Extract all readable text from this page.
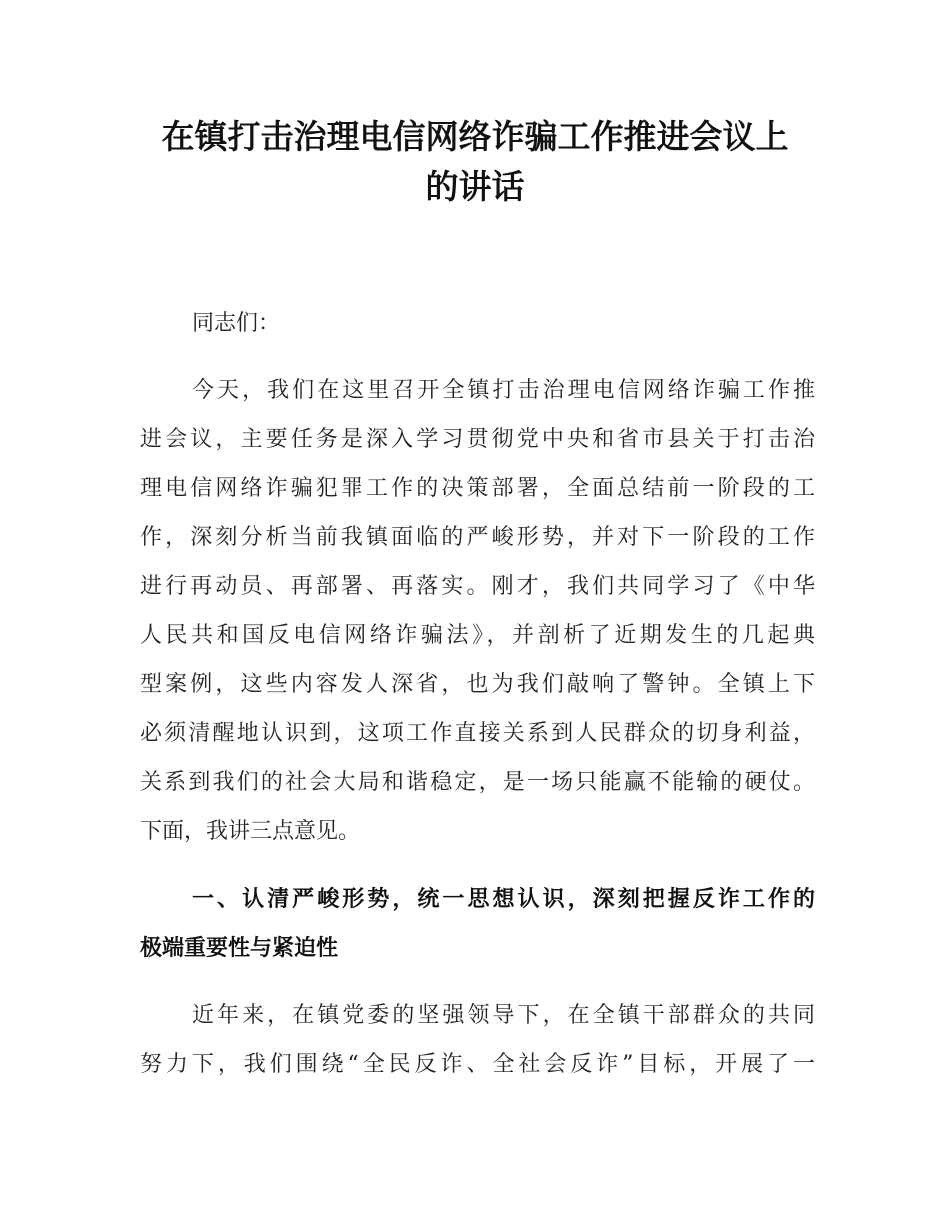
在镇打击治理电信网络诈骗工作推进会议上
的讲话
同志们：
今天，我们在这里召开全镇打击治理电信网络诈骗工作推
进会议，主要任务是深入学习贯彻党中央和省市县关于打击治
理电信网络诈骗犯罪工作的决策部署，全面总结前一阶段的工
作，深刻分析当前我镇面临的严峻形势，并对下一阶段的工作
进行再动员、再部署、再落实。刚才，我们共同学习了《中华
人民共和国反电信网络诈骗法》，并剖析了近期发生的几起典
型案例，这些内容发人深省，也为我们敲响了警钟。全镇上下
必须清醒地认识到，这项工作直接关系到人民群众的切身利益，
关系到我们的社会大局和谐稳定，是一场只能赢不能输的硬仗。
下面，我讲三点意见。
一、认清严峻形势，统一思想认识，深刻把握反诈工作的
极端重要性与紧迫性
近年来，在镇党委的坚强领导下，在全镇干部群众的共同
努力下，我们围绕“全民反诈、全社会反诈”目标，开展了一
